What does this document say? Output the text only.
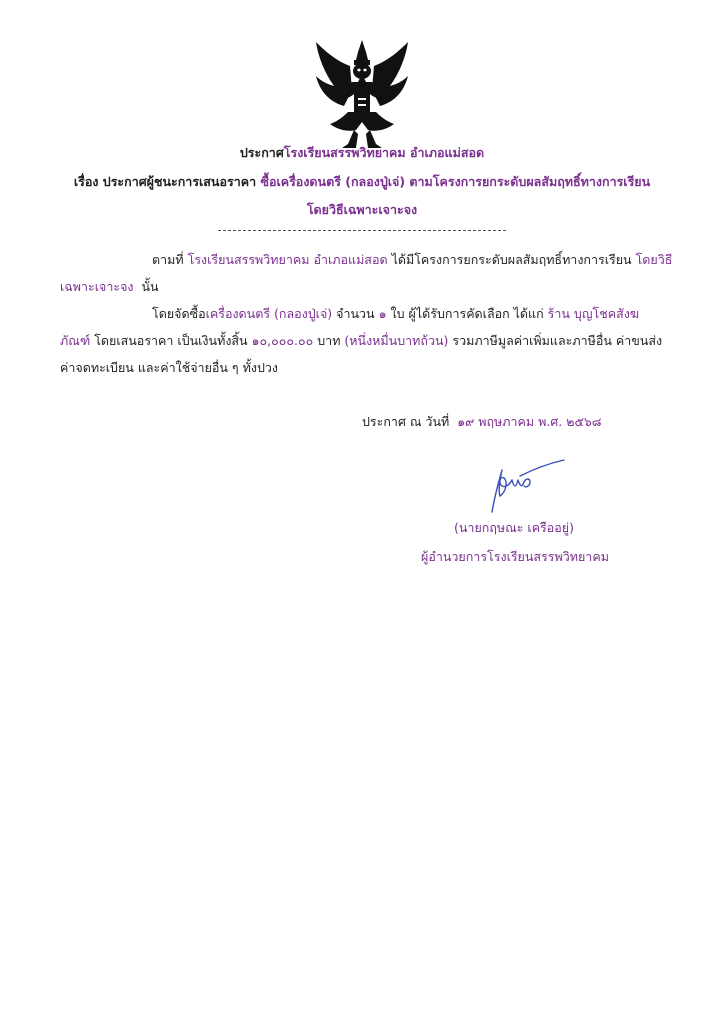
ประกาศโรงเรียนสรรพวิทยาคม อำเภอแม่สอด
เรื่อง ประกาศผู้ชนะการเสนอราคา ซื้อเครื่องดนตรี (กลองปู่เจ่) ตามโครงการยกระดับผลสัมฤทธิ์ทางการเรียน
โดยวิธีเฉพาะเจาะจง
ตามที่ โรงเรียนสรรพวิทยาคม อำเภอแม่สอด ได้มีโครงการยกระดับผลสัมฤทธิ์ทางการเรียน โดยวิธี
เฉพาะเจาะจง นั้น
โดยจัดซื้อเครื่องดนตรี (กลองปู่เจ่) จำนวน ๑ ใบ ผู้ได้รับการคัดเลือก ได้แก่ ร้าน บุญโชคสังฆ
ภัณฑ์ โดยเสนอราคา เป็นเงินทั้งสิ้น ๑๐,๐๐๐.๐๐ บาท (หนึ่งหมื่นบาทถ้วน) รวมภาษีมูลค่าเพิ่มและภาษีอื่น ค่าขนส่ง
ค่าจดทะเบียน และค่าใช้จ่ายอื่น ๆ ทั้งปวง
ประกาศ ณ วันที่ ๑๙ พฤษภาคม พ.ศ. ๒๕๖๘
(นายกฤษณะ เครืออยู่)
ผู้อำนวยการโรงเรียนสรรพวิทยาคม
